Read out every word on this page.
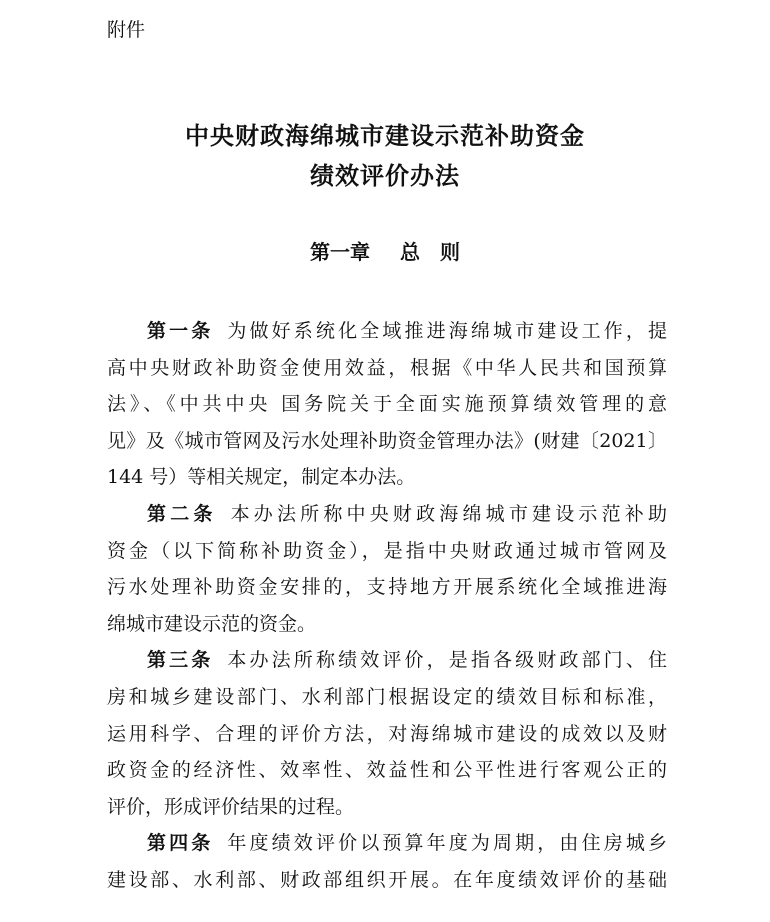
附件
中央财政海绵城市建设示范补助资金
绩效评价办法
第一章 总　则
第一条 为做好系统化全域推进海绵城市建设工作，提
高中央财政补助资金使用效益，根据《中华人民共和国预算
法》、《中共中央 国务院关于全面实施预算绩效管理的意
见》及《城市管网及污水处理补助资金管理办法》(财建〔2021〕
144 号）等相关规定，制定本办法。
第二条 本办法所称中央财政海绵城市建设示范补助
资金（以下简称补助资金），是指中央财政通过城市管网及
污水处理补助资金安排的，支持地方开展系统化全域推进海
绵城市建设示范的资金。
第三条 本办法所称绩效评价，是指各级财政部门、住
房和城乡建设部门、水利部门根据设定的绩效目标和标准，
运用科学、合理的评价方法，对海绵城市建设的成效以及财
政资金的经济性、效率性、效益性和公平性进行客观公正的
评价，形成评价结果的过程。
第四条 年度绩效评价以预算年度为周期，由住房城乡
建设部、水利部、财政部组织开展。在年度绩效评价的基础
